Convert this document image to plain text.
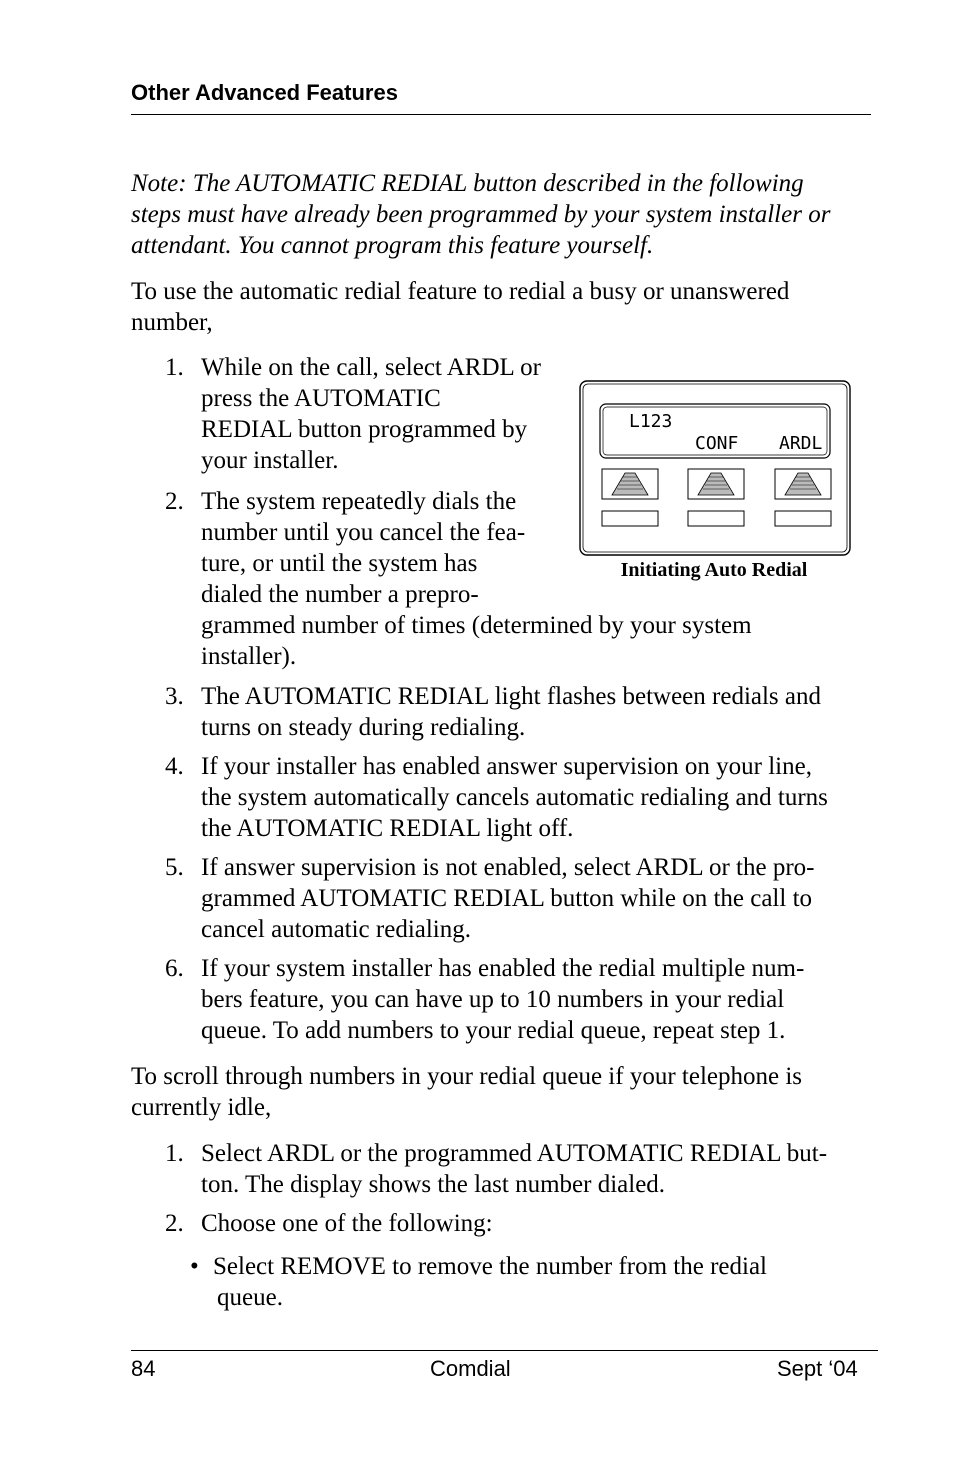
Other Advanced Features

Note: The AUTOMATIC REDIAL button described in the following

steps must have already been programmed by your system installer or

attendant. You cannot program this feature yourself.

To use the automatic redial feature to redial a busy or unanswered

number,

1. While on the call, select ARDL or
press the AUTOMATIC
REDIAL button programmed by
your installer.
2. The system repeatedly dials the
number until you cancel the fea-
ture, or until the system has
dialed the number a prepro-
grammed number of times (determined by your system
installer).
L123
CONF ARDL
Initiating Auto Redial
3. The AUTOMATIC REDIAL light flashes between redials and
turns on steady during redialing.
4. If your installer has enabled answer supervision on your line,
the system automatically cancels automatic redialing and turns
the AUTOMATIC REDIAL light off.
5. If answer supervision is not enabled, select ARDL or the pro-
grammed AUTOMATIC REDIAL button while on the call to
cancel automatic redialing.
6. If your system installer has enabled the redial multiple num-
bers feature, you can have up to 10 numbers in your redial
queue. To add numbers to your redial queue, repeat step 1.

To scroll through numbers in your redial queue if your telephone is

currently idle,

1. Select ARDL or the programmed AUTOMATIC REDIAL but-
ton. The display shows the last number dialed.
2. Choose one of the following:
• Select REMOVE to remove the number from the redial
queue.
84	Comdial	Sept ‘04
